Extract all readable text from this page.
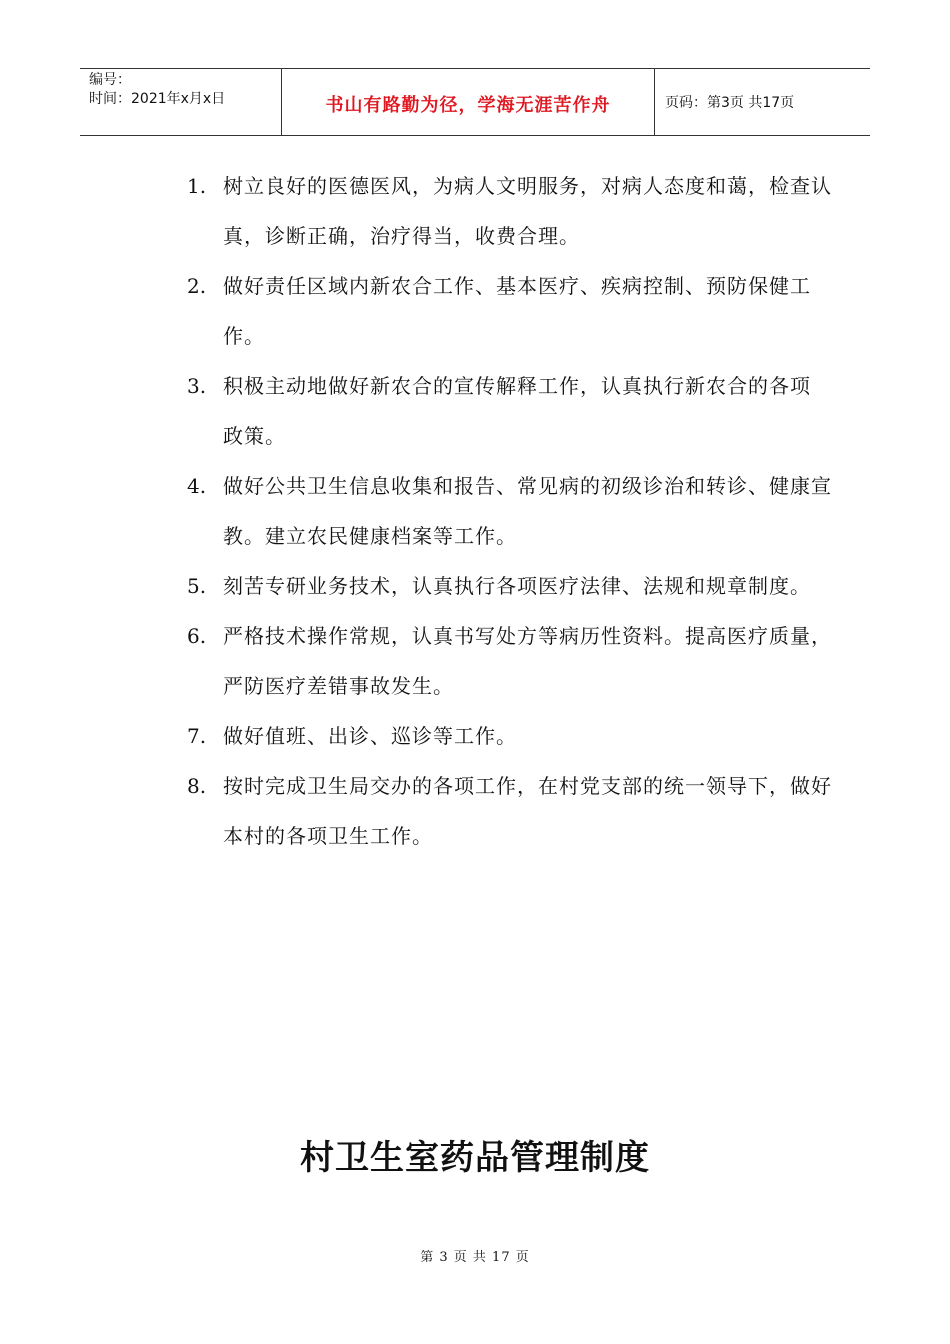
编号：
时间：2021年x月x日	书山有路勤为径，学海无涯苦作舟	页码：第3页 共17页
1. 树立良好的医德医风，为病人文明服务，对病人态度和蔼，检查认真，诊断正确，治疗得当，收费合理。
2. 做好责任区域内新农合工作、基本医疗、疾病控制、预防保健工作。
3. 积极主动地做好新农合的宣传解释工作，认真执行新农合的各项 政策。
4. 做好公共卫生信息收集和报告、常见病的初级诊治和转诊、健康宣教。建立农民健康档案等工作。
5. 刻苦专研业务技术，认真执行各项医疗法律、法规和规章制度。
6. 严格技术操作常规，认真书写处方等病历性资料。提高医疗质量，严防医疗差错事故发生。
7. 做好值班、出诊、巡诊等工作。
8. 按时完成卫生局交办的各项工作，在村党支部的统一领导下，做好本村的各项卫生工作。
村卫生室药品管理制度
第 3 页 共 17 页
